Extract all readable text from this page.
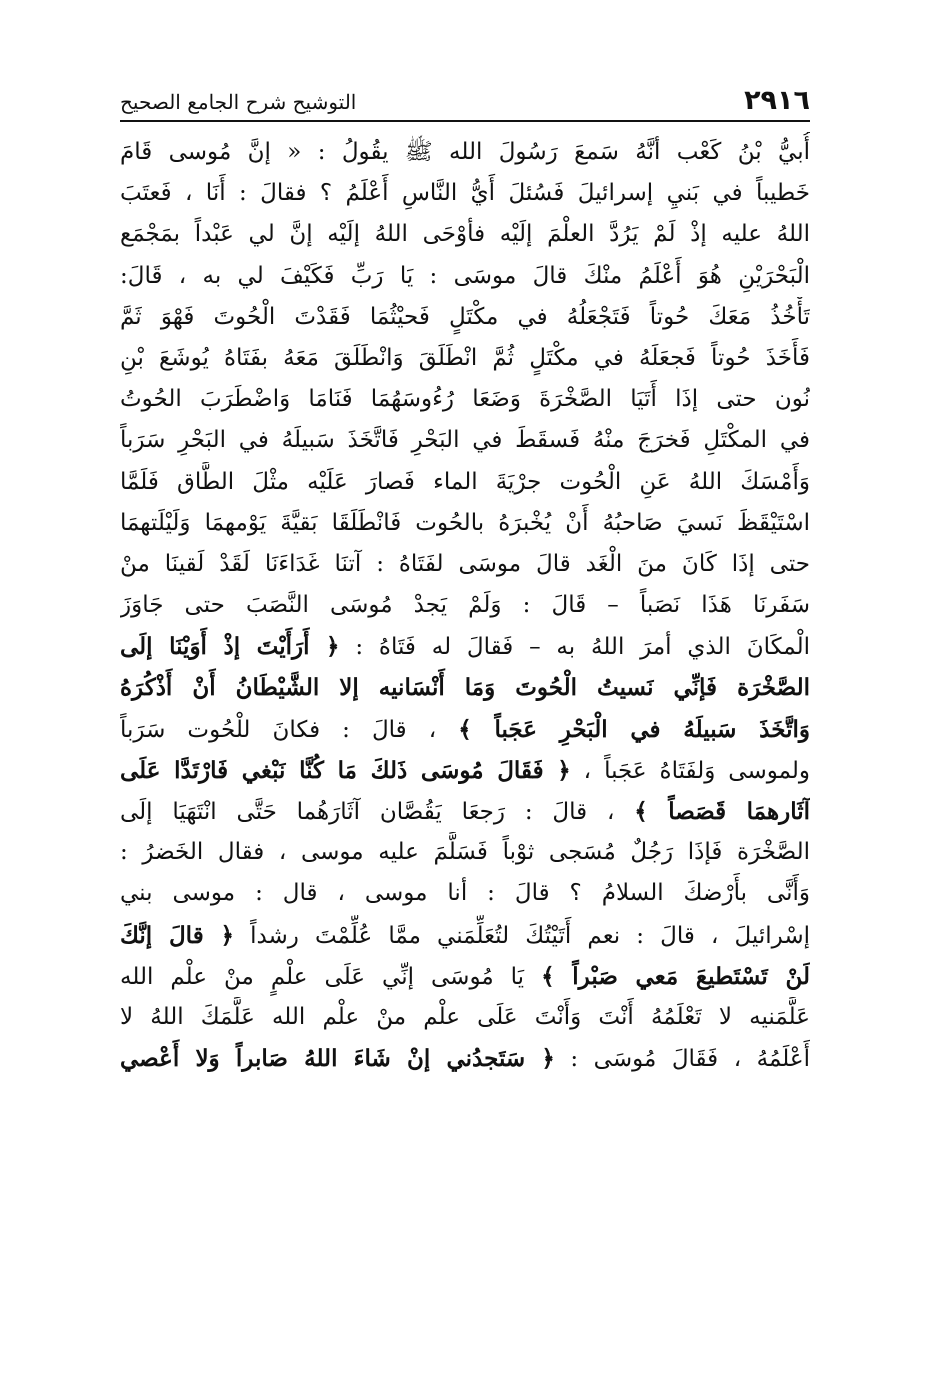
٢٩١٦
التوشيح شرح الجامع الصحيح
أُبيُّ بْنُ كَعْب أنَّهُ سَمعَ رَسُولَ الله ﷺ يقُولُ : « إنَّ مُوسى قَامَ
خَطيباً في بَنيِ إسرائيلَ فَسُئلَ أَيُّ النَّاسِ أَعْلَمُ ؟ فقالَ : أَنَا ، فَعتَبَ
اللهُ عليه إذْ لَمْ يَرُدَّ العلْمَ إلَيْه فأوْحَى اللهُ إلَيْه إنَّ لي عَبْداً بمَجْمَع
الْبَحْرَيْنِ هُوَ أَعْلَمُ منْكَ قالَ موسَى : يَا رَبِّ فَكَيْفَ لي به ، قَالَ:
تَأْخُذُ مَعَكَ حُوتاً فَتَجْعَلُهُ في مكْتَلٍ فَحيْثُمَا فَقَدْتَ الْحُوتَ فَهْوَ ثَمَّ
فَأَخَذَ حُوتاً فَجعَلَهُ في مكْتَلٍ ثُمَّ انْطَلَقَ وَانْطَلَقَ مَعَهُ بفَتَاهُ يُوشَعَ بْنِ
نُون حتى إذَا أَتَيَا الصَّخْرَةَ وَضَعَا رُءُوسَهُمَا فَنَامَا وَاضْطَرَبَ الحُوتُ
في المكْتَلِ فَخرَجَ منْهُ فَسقَطَ في البَحْرِ فَاتَّخَذَ سَبيلَهُ في البَحْرِ سَرَباً
وَأَمْسَكَ اللهُ عَنِ الْحُوت جرْيَةَ الماء فَصارَ عَلَيْه مثْلَ الطَّاق فَلَمَّا
اسْتَيْقَظَ نَسيَ صَاحبُهُ أَنْ يُخْبرَهُ بالحُوت فَانْطَلَقَا بَقيَّةَ يَوْمهمَا وَلَيْلَتهمَا
حتى إذَا كَانَ منَ الْغَد قالَ موسَى لفَتَاهُ : آتنَا غَدَاءَنَا لَقَدْ لَقينَا منْ
سَفَرنَا هَذَا نَصَباً – قَالَ : وَلَمْ يَجدْ مُوسَى النَّصَبَ حتى جَاوَزَ
الْمكَانَ الذي أمرَ اللهُ به – فَقالَ له فَتَاهُ : ﴿ أَرَأَيْتَ إذْ أَوَيْنَا إلَى
الصَّخْرَة فَإنِّي نَسيتُ الْحُوتَ وَمَا أَنْسَانيه إلا الشَّيْطَانُ أَنْ أَذْكُرَهُ
وَاتَّخَذَ سَبيلَهُ في الْبَحْرِ عَجَباً ﴾ ، قالَ : فكانَ للْحُوت سَرَباً
ولموسى وَلفَتَاهُ عَجَباً ، ﴿ فَقَالَ مُوسَى ذَلكَ مَا كُنَّا نَبْغي فَارْتَدَّا عَلَى
آثَارهمَا قَصَصاً ﴾ ، قالَ : رَجعَا يَقُصَّان آثَارَهُما حَتَّى انْتَهَيَا إلَى
الصَّخْرَة فَإذَا رَجُلٌ مُسَجى ثوْباً فَسَلَّمَ عليه موسى ، فقال الخَضرُ :
وَأَنَّى بأَرْضكَ السلامُ ؟ قالَ : أنا موسى ، قال : موسى بني
إسْرائيلَ ، قالَ : نعم أَتَيْتُكَ لتُعَلِّمَني ممَّا عُلِّمْتَ رشداً ﴿ قالَ إنَّكَ
لَنْ تَسْتَطيعَ مَعي صَبْراً ﴾ يَا مُوسَى إنِّي عَلَى علْمٍ منْ علْم الله
عَلَّمَنيه لا تَعْلَمُهُ أَنْتَ وَأَنْتَ عَلَى علْم منْ علْم الله عَلَّمَكَ اللهُ لا
أَعْلَمُهُ ، فَقَالَ مُوسَى : ﴿ سَتَجدُني إنْ شَاءَ اللهُ صَابراً وَلا أَعْصي
